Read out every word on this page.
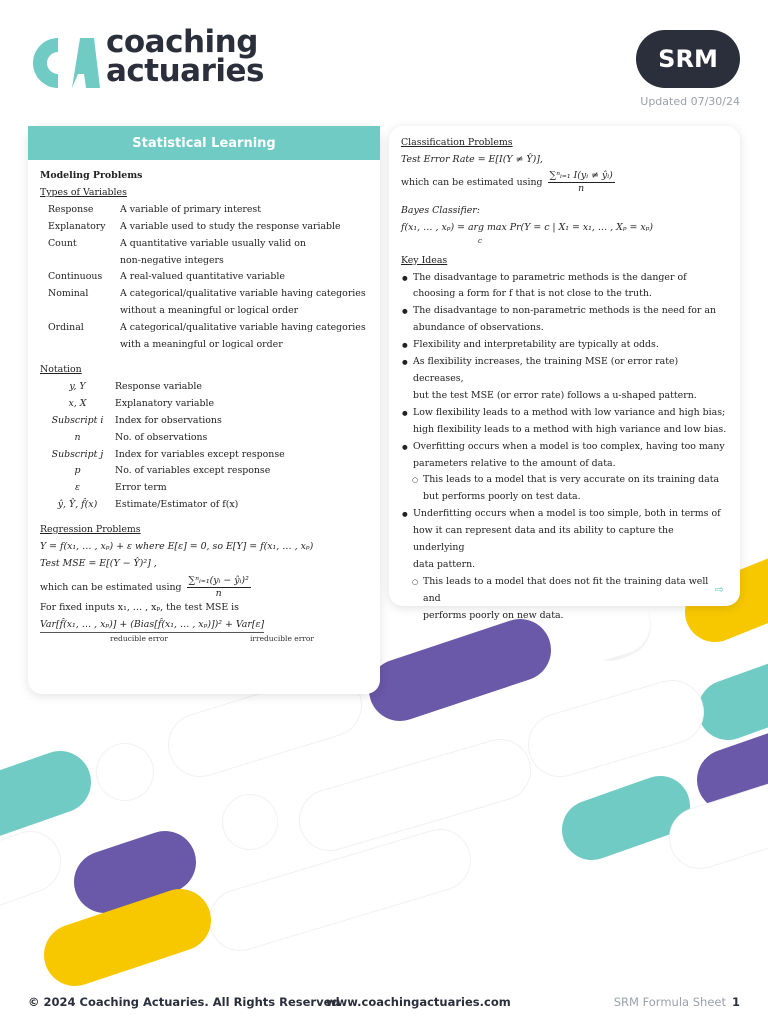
coaching
actuaries	SRM
Updated 07/30/24
Statistical Learning
Modeling Problems
Types of Variables
Response	A variable of primary interest
Explanatory	A variable used to study the response variable
Count	A quantitative variable usually valid on
non-negative integers
Continuous	A real-valued quantitative variable
Nominal	A categorical/qualitative variable having categories
without a meaningful or logical order
Ordinal	A categorical/qualitative variable having categories
with a meaningful or logical order
Notation
y, Y	Response variable
x, X	Explanatory variable
Subscript i	Index for observations
n	No. of observations
Subscript j	Index for variables except response
p	No. of variables except response
ε	Error term
ŷ, Ŷ, f̂(x)	Estimate/Estimator of f(x)
Regression Problems
Y = f(x₁, … , xₚ) + ε where E[ε] = 0, so E[Y] = f(x₁, … , xₚ)
Test MSE = E[(Y − Ŷ)²] ,
which can be estimated using $\frac{\text{∑ⁿᵢ₌₁(yᵢ − ŷᵢ)²}}{n}$
For fixed inputs x₁, … , xₚ, the test MSE is
Var[f̂(x₁, … , xₚ)] + (Bias[f̂(x₁, … , xₚ)])² + Var[ε]
reducible error	irreducible error
Classification Problems
Test Error Rate = E[I(Y ≠ Ŷ)],
which can be estimated using $\frac{\text{∑ⁿᵢ₌₁ I(yᵢ ≠ ŷᵢ)}}{n}$
Bayes Classifier:
f(x₁, … , xₚ) = arg max Pr(Y = c | X₁ = x₁, … , Xₚ = xₚ)
c
Key Ideas
● The disadvantage to parametric methods is the danger of
choosing a form for f that is not close to the truth.
● The disadvantage to non-parametric methods is the need for an
abundance of observations.
● Flexibility and interpretability are typically at odds.
● As flexibility increases, the training MSE (or error rate) decreases,
but the test MSE (or error rate) follows a u-shaped pattern.
● Low flexibility leads to a method with low variance and high bias;
high flexibility leads to a method with high variance and low bias.
● Overfitting occurs when a model is too complex, having too many
parameters relative to the amount of data.
○ This leads to a model that is very accurate on its training data
but performs poorly on test data.
● Underfitting occurs when a model is too simple, both in terms of
how it can represent data and its ability to capture the underlying
data pattern.
○ This leads to a model that does not fit the training data well and
performs poorly on new data.
⇨
© 2024 Coaching Actuaries. All Rights Reserved
www.coachingactuaries.com	SRM Formula Sheet 1
